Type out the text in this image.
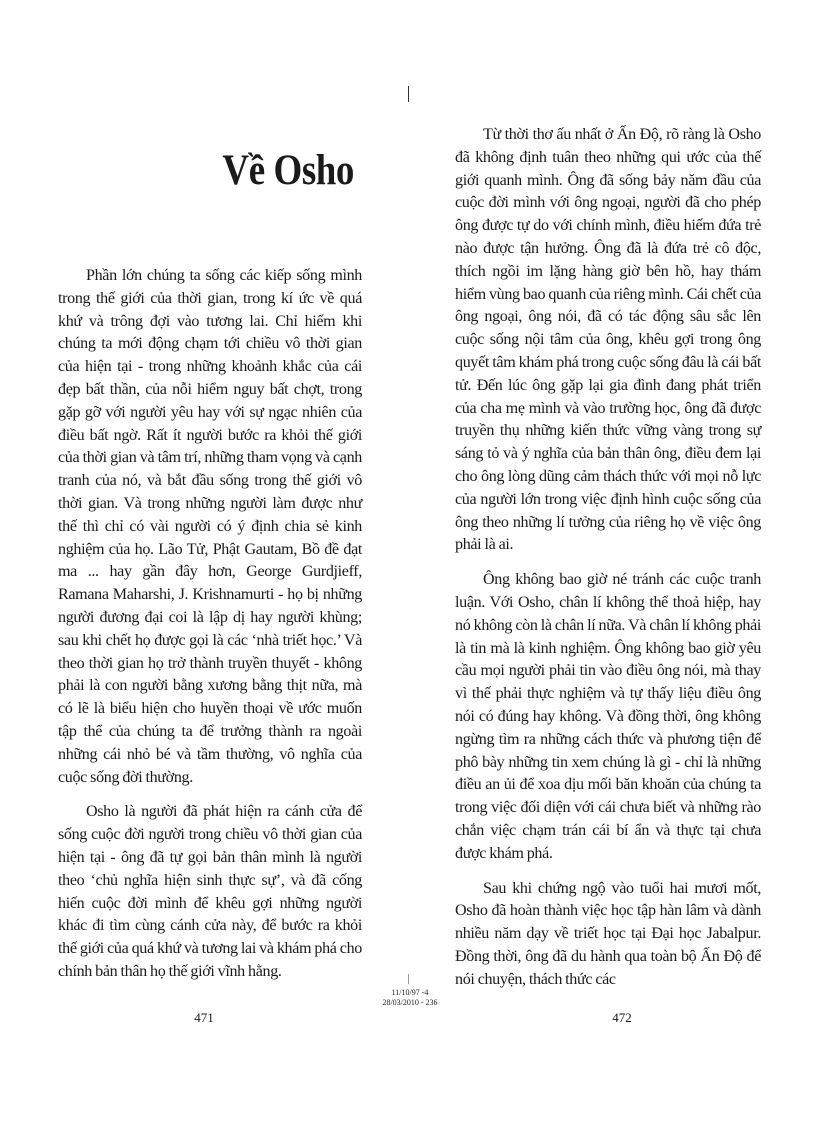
Về Osho

Phần lớn chúng ta sống các kiếp sống mình trong thế giới của thời gian, trong kí ức về quá khứ và trông đợi vào tương lai. Chỉ hiếm khi chúng ta mới động chạm tới chiều vô thời gian của hiện tại - trong những khoảnh khắc của cái đẹp bất thần, của nỗi hiểm nguy bất chợt, trong gặp gỡ với người yêu hay với sự ngạc nhiên của điều bất ngờ. Rất ít người bước ra khỏi thế giới của thời gian và tâm trí, những tham vọng và cạnh tranh của nó, và bắt đầu sống trong thế giới vô thời gian. Và trong những người làm được như thế thì chỉ có vài người có ý định chia sẻ kinh nghiệm của họ. Lão Tử, Phật Gautam, Bồ đề đạt ma ... hay gần đây hơn, George Gurdjieff, Ramana Maharshi, J. Krishnamurti - họ bị những người đương đại coi là lập dị hay người khùng; sau khi chết họ được gọi là các ‘nhà triết học.’ Và theo thời gian họ trở thành truyền thuyết - không phải là con người bằng xương bằng thịt nữa, mà có lẽ là biểu hiện cho huyền thoại về ước muốn tập thể của chúng ta để trưởng thành ra ngoài những cái nhỏ bé và tầm thường, vô nghĩa của cuộc sống đời thường.

Osho là người đã phát hiện ra cánh cửa để sống cuộc đời người trong chiều vô thời gian của hiện tại - ông đã tự gọi bản thân mình là người theo ‘chủ nghĩa hiện sinh thực sự’, và đã cống hiến cuộc đời mình để khêu gợi những người khác đi tìm cùng cánh cửa này, để bước ra khỏi thế giới của quá khứ và tương lai và khám phá cho chính bản thân họ thế giới vĩnh hằng.

Từ thời thơ ấu nhất ở Ấn Độ, rõ ràng là Osho đã không định tuân theo những qui ước của thế giới quanh mình. Ông đã sống bảy năm đầu của cuộc đời mình với ông ngoại, người đã cho phép ông được tự do với chính mình, điều hiếm đứa trẻ nào được tận hưởng. Ông đã là đứa trẻ cô độc, thích ngồi im lặng hàng giờ bên hồ, hay thám hiểm vùng bao quanh của riêng mình. Cái chết của ông ngoại, ông nói, đã có tác động sâu sắc lên cuộc sống nội tâm của ông, khêu gợi trong ông quyết tâm khám phá trong cuộc sống đâu là cái bất tử. Đến lúc ông gặp lại gia đình đang phát triển của cha mẹ mình và vào trường học, ông đã được truyền thụ những kiến thức vững vàng trong sự sáng tỏ và ý nghĩa của bản thân ông, điều đem lại cho ông lòng dũng cảm thách thức với mọi nỗ lực của người lớn trong việc định hình cuộc sống của ông theo những lí tưởng của riêng họ về việc ông phải là ai.

Ông không bao giờ né tránh các cuộc tranh luận. Với Osho, chân lí không thể thoả hiệp, hay nó không còn là chân lí nữa. Và chân lí không phải là tin mà là kinh nghiệm. Ông không bao giờ yêu cầu mọi người phải tin vào điều ông nói, mà thay vì thế phải thực nghiệm và tự thấy liệu điều ông nói có đúng hay không. Và đồng thời, ông không ngừng tìm ra những cách thức và phương tiện để phô bày những tin xem chúng là gì - chỉ là những điều an ủi để xoa dịu mối băn khoăn của chúng ta trong việc đối diện với cái chưa biết và những rào chắn việc chạm trán cái bí ẩn và thực tại chưa được khám phá.

Sau khi chứng ngộ vào tuổi hai mươi mốt, Osho đã hoàn thành việc học tập hàn lâm và dành nhiều năm dạy về triết học tại Đại học Jabalpur. Đồng thời, ông đã du hành qua toàn bộ Ấn Độ để nói chuyện, thách thức các

11/10/97 -4
28/03/2010 - 236
471	472
